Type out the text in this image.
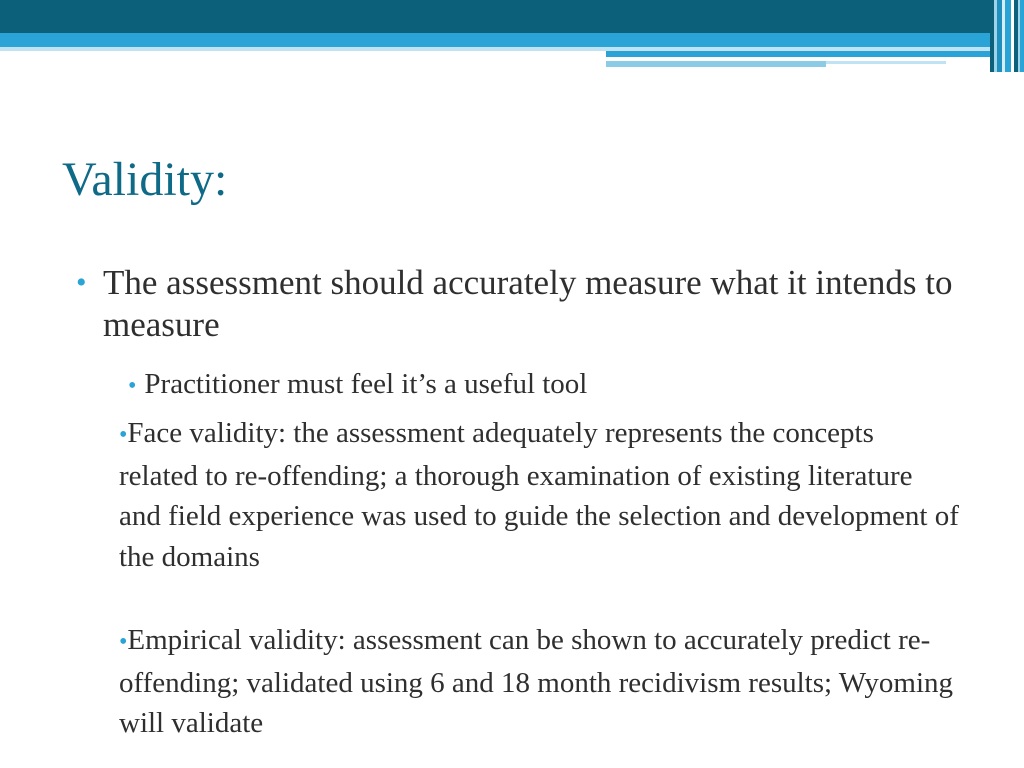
Validity:
• The assessment should accurately measure what it intends to measure
• Practitioner must feel it’s a useful tool
•Face validity: the assessment adequately represents the concepts related to re-offending; a thorough examination of existing literature and field experience was used to guide the selection and development of the domains
•Empirical validity: assessment can be shown to accurately predict re-offending; validated using 6 and 18 month recidivism results; Wyoming will validate
